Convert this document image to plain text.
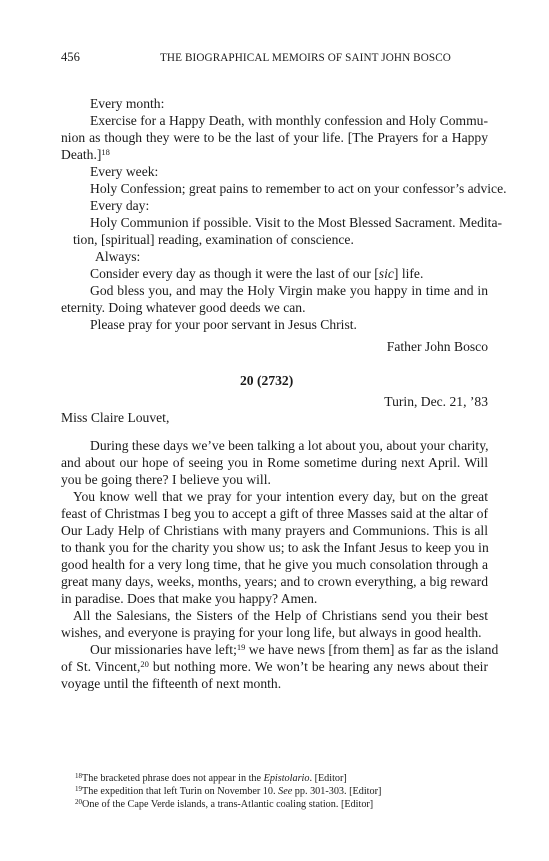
456	THE BIOGRAPHICAL MEMOIRS OF SAINT JOHN BOSCO
Every month:
Exercise for a Happy Death, with monthly confession and Holy Commu-
nion as though they were to be the last of your life. [The Prayers for a Happy
Death.]$^{18}$
Every week:
Holy Confession; great pains to remember to act on your confessor’s advice.
Every day:
Holy Communion if possible. Visit to the Most Blessed Sacrament. Medita-
tion, [spiritual] reading, examination of conscience.
Always:
Consider every day as though it were the last of our [sic] life.
God bless you, and may the Holy Virgin make you happy in time and in
eternity. Doing whatever good deeds we can.
Please pray for your poor servant in Jesus Christ.
Father John Bosco
20 (2732)
Turin, Dec. 21, ’83
Miss Claire Louvet,
During these days we’ve been talking a lot about you, about your charity,
and about our hope of seeing you in Rome sometime during next April. Will
you be going there? I believe you will.
You know well that we pray for your intention every day, but on the great
feast of Christmas I beg you to accept a gift of three Masses said at the altar of
Our Lady Help of Christians with many prayers and Communions. This is all
to thank you for the charity you show us; to ask the Infant Jesus to keep you in
good health for a very long time, that he give you much consolation through a
great many days, weeks, months, years; and to crown everything, a big reward
in paradise. Does that make you happy? Amen.
All the Salesians, the Sisters of the Help of Christians send you their best
wishes, and everyone is praying for your long life, but always in good health.
Our missionaries have left;$^{19}$ we have news [from them] as far as the island
of St. Vincent,$^{20}$ but nothing more. We won’t be hearing any news about their
voyage until the fifteenth of next month.
$^{18}$The bracketed phrase does not appear in the Epistolario. [Editor]
$^{19}$The expedition that left Turin on November 10. See pp. 301-303. [Editor]
$^{20}$One of the Cape Verde islands, a trans-Atlantic coaling station. [Editor]
